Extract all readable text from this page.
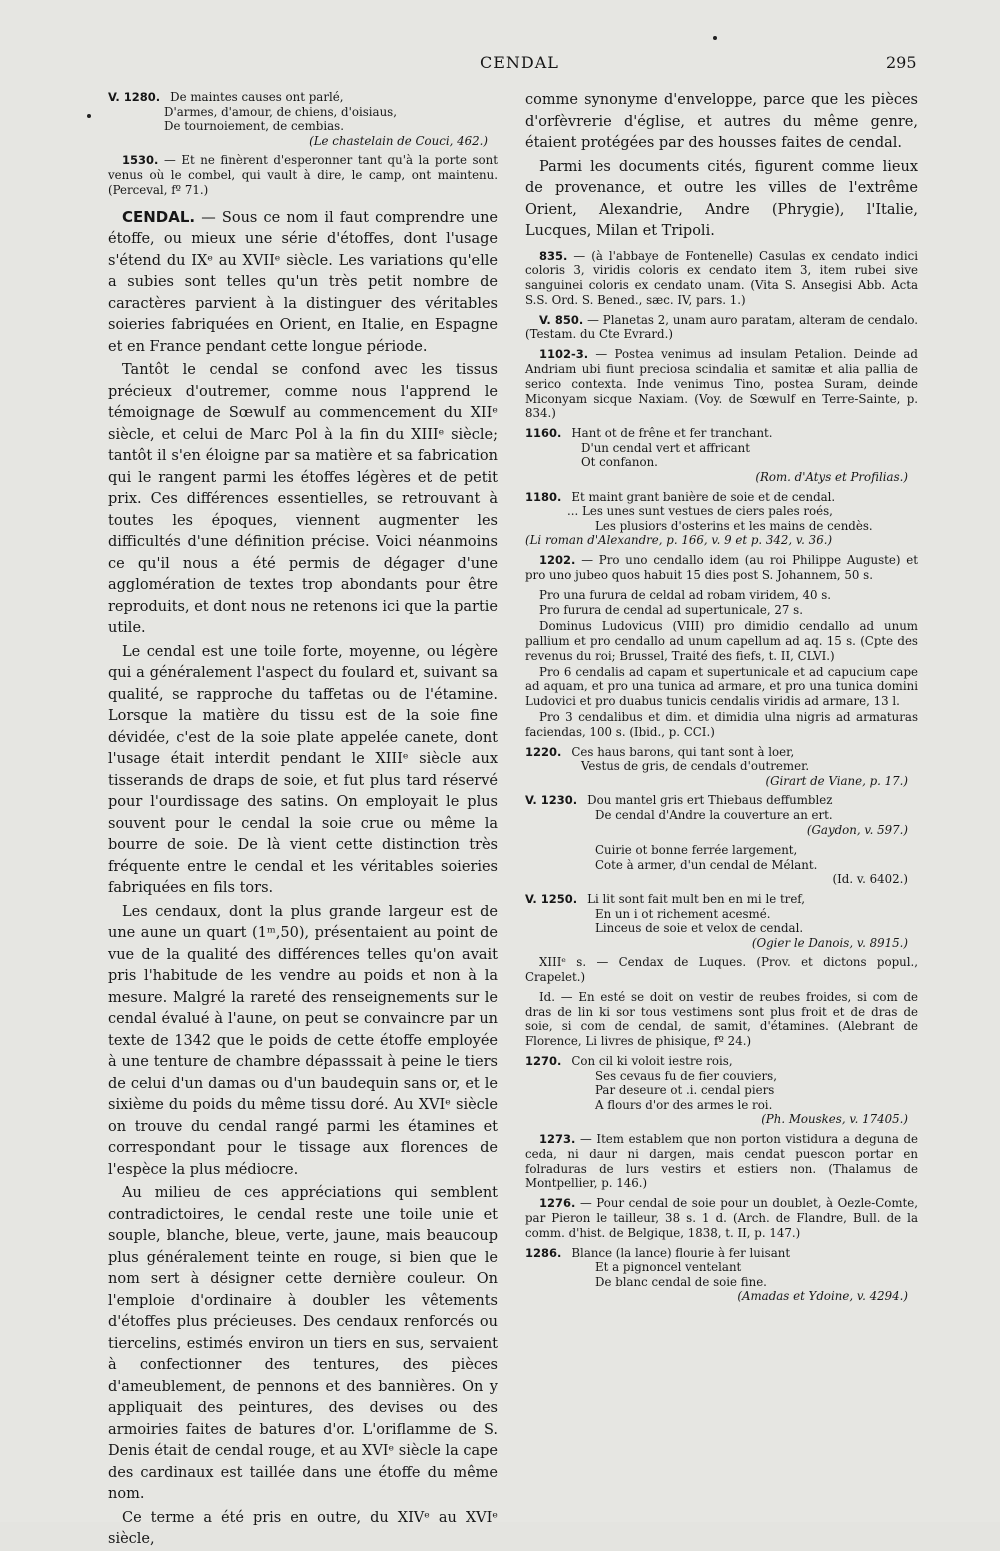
CENDAL	295
V. 1280. De maintes causes ont parlé,
D'armes, d'amour, de chiens, d'oisiaus,
De tournoiement, de cembias.
(Le chastelain de Couci, 462.)

1530. — Et ne finèrent d'esperonner tant qu'à la porte sont venus où le combel, qui vault à dire, le camp, ont maintenu. (Perceval, fº 71.)

CENDAL. — Sous ce nom il faut comprendre une étoffe, ou mieux une série d'étoffes, dont l'usage s'étend du IXᵉ au XVIIᵉ siècle. Les variations qu'elle a subies sont telles qu'un très petit nombre de caractères parvient à la distinguer des véritables soieries fabriquées en Orient, en Italie, en Espagne et en France pendant cette longue période.

Tantôt le cendal se confond avec les tissus précieux d'outremer, comme nous l'apprend le témoignage de Sœwulf au commencement du XIIᵉ siècle, et celui de Marc Pol à la fin du XIIIᵉ siècle; tantôt il s'en éloigne par sa matière et sa fabrication qui le rangent parmi les étoffes légères et de petit prix. Ces différences essentielles, se retrouvant à toutes les époques, viennent augmenter les difficultés d'une définition précise. Voici néanmoins ce qu'il nous a été permis de dégager d'une agglomération de textes trop abondants pour être reproduits, et dont nous ne retenons ici que la partie utile.

Le cendal est une toile forte, moyenne, ou légère qui a généralement l'aspect du foulard et, suivant sa qualité, se rapproche du taffetas ou de l'étamine. Lorsque la matière du tissu est de la soie fine dévidée, c'est de la soie plate appelée canete, dont l'usage était interdit pendant le XIIIᵉ siècle aux tisserands de draps de soie, et fut plus tard réservé pour l'ourdissage des satins. On employait le plus souvent pour le cendal la soie crue ou même la bourre de soie. De là vient cette distinction très fréquente entre le cendal et les véritables soieries fabriquées en fils tors.

Les cendaux, dont la plus grande largeur est de une aune un quart (1ᵐ,50), présentaient au point de vue de la qualité des différences telles qu'on avait pris l'habitude de les vendre au poids et non à la mesure. Malgré la rareté des renseignements sur le cendal évalué à l'aune, on peut se convaincre par un texte de 1342 que le poids de cette étoffe employée à une tenture de chambre dépasssait à peine le tiers de celui d'un damas ou d'un baudequin sans or, et le sixième du poids du même tissu doré. Au XVIᵉ siècle on trouve du cendal rangé parmi les étamines et correspondant pour le tissage aux florences de l'espèce la plus médiocre.

Au milieu de ces appréciations qui semblent contradictoires, le cendal reste une toile unie et souple, blanche, bleue, verte, jaune, mais beaucoup plus généralement teinte en rouge, si bien que le nom sert à désigner cette dernière couleur. On l'emploie d'ordinaire à doubler les vêtements d'étoffes plus précieuses. Des cendaux renforcés ou tiercelins, estimés environ un tiers en sus, servaient à confectionner des tentures, des pièces d'ameublement, de pennons et des bannières. On y appliquait des peintures, des devises ou des armoiries faites de batures d'or. L'oriflamme de S. Denis était de cendal rouge, et au XVIᵉ siècle la cape des cardinaux est taillée dans une étoffe du même nom.

Ce terme a été pris en outre, du XIVᵉ au XVIᵉ siècle,

comme synonyme d'enveloppe, parce que les pièces d'orfèvrerie d'église, et autres du même genre, étaient protégées par des housses faites de cendal.

Parmi les documents cités, figurent comme lieux de provenance, et outre les villes de l'extrême Orient, Alexandrie, Andre (Phrygie), l'Italie, Lucques, Milan et Tripoli.

835. — (à l'abbaye de Fontenelle) Casulas ex cendato indici coloris 3, viridis coloris ex cendato item 3, item rubei sive sanguinei coloris ex cendato unam. (Vita S. Ansegisi Abb. Acta S.S. Ord. S. Bened., sæc. IV, pars. 1.)

V. 850. — Planetas 2, unam auro paratam, alteram de cendalo. (Testam. du Cte Evrard.)

1102-3. — Postea venimus ad insulam Petalion. Deinde ad Andriam ubi fiunt preciosa scindalia et samitæ et alia pallia de serico contexta. Inde venimus Tino, postea Suram, deinde Miconyam sicque Naxiam. (Voy. de Sœwulf en Terre-Sainte, p. 834.)

1160. Hant ot de frêne et fer tranchant.
D'un cendal vert et affricant
Ot confanon.
(Rom. d'Atys et Profilias.)
1180. Et maint grant banière de soie et de cendal.
... Les unes sunt vestues de ciers pales roés,
Les plusiors d'osterins et les mains de cendès.
(Li roman d'Alexandre, p. 166, v. 9 et p. 342, v. 36.)

1202. — Pro uno cendallo idem (au roi Philippe Auguste) et pro uno jubeo quos habuit 15 dies post S. Johannem, 50 s.

Pro una furura de celdal ad robam viridem, 40 s.

Pro furura de cendal ad supertunicale, 27 s.

Dominus Ludovicus (VIII) pro dimidio cendallo ad unum pallium et pro cendallo ad unum capellum ad aq. 15 s. (Cpte des revenus du roi; Brussel, Traité des fiefs, t. II, CLVI.)

Pro 6 cendalis ad capam et supertunicale et ad capucium cape ad aquam, et pro una tunica ad armare, et pro una tunica domini Ludovici et pro duabus tunicis cendalis viridis ad armare, 13 l.

Pro 3 cendalibus et dim. et dimidia ulna nigris ad armaturas faciendas, 100 s. (Ibid., p. CCI.)

1220. Ces haus barons, qui tant sont à loer,
Vestus de gris, de cendals d'outremer.
(Girart de Viane, p. 17.)
V. 1230. Dou mantel gris ert Thiebaus deffumblez
De cendal d'Andre la couverture an ert.
(Gaydon, v. 597.)
Cuirie ot bonne ferrée largement,
Cote à armer, d'un cendal de Mélant.
(Id. v. 6402.)
V. 1250. Li lit sont fait mult ben en mi le tref,
En un i ot richement acesmé.
Linceus de soie et velox de cendal.
(Ogier le Danois, v. 8915.)

XIIIᵉ s. — Cendax de Luques. (Prov. et dictons popul., Crapelet.)

Id. — En esté se doit on vestir de reubes froides, si com de dras de lin ki sor tous vestimens sont plus froit et de dras de soie, si com de cendal, de samit, d'étamines. (Alebrant de Florence, Li livres de phisique, fº 24.)

1270. Con cil ki voloit iestre rois,
Ses cevaus fu de fier couviers,
Par deseure ot .i. cendal piers
A flours d'or des armes le roi.
(Ph. Mouskes, v. 17405.)

1273. — Item establem que non porton vistidura a deguna de ceda, ni daur ni dargen, mais cendat puescon portar en folraduras de lurs vestirs et estiers non. (Thalamus de Montpellier, p. 146.)

1276. — Pour cendal de soie pour un doublet, à Oezle-Comte, par Pieron le tailleur, 38 s. 1 d. (Arch. de Flandre, Bull. de la comm. d'hist. de Belgique, 1838, t. II, p. 147.)

1286. Blance (la lance) flourie à fer luisant
Et a pignoncel ventelant
De blanc cendal de soie fine.
(Amadas et Ydoine, v. 4294.)
